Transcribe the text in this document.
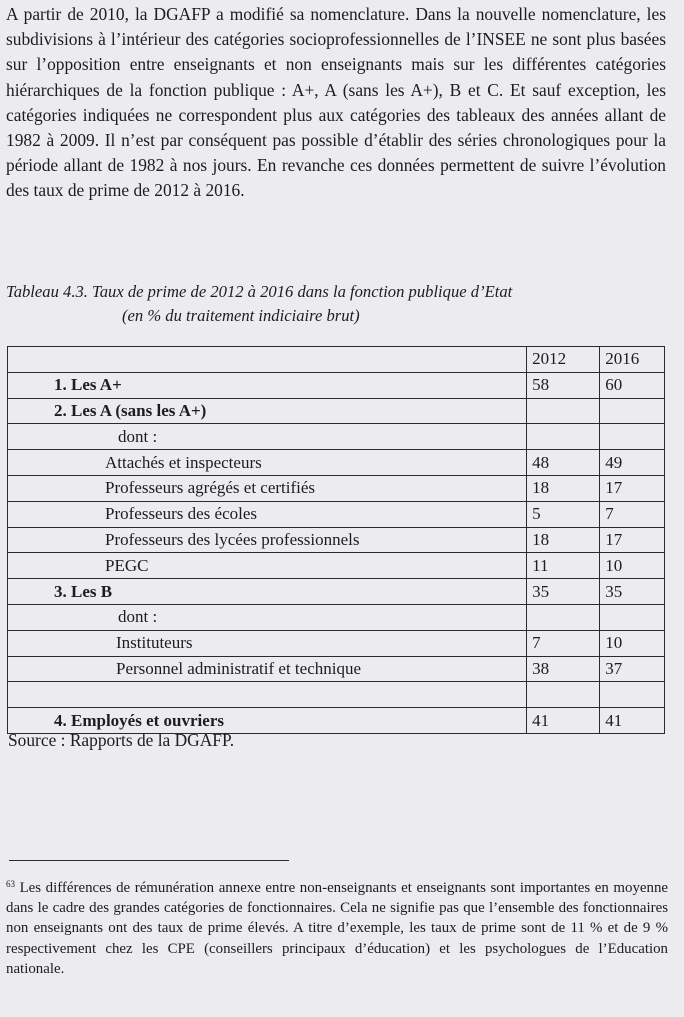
A partir de 2010, la DGAFP a modifié sa nomenclature. Dans la nouvelle nomenclature, les subdivisions à l’intérieur des catégories socioprofessionnelles de l’INSEE ne sont plus basées sur l’opposition entre enseignants et non enseignants mais sur les différentes catégories hiérarchiques de la fonction publique : A+, A (sans les A+), B et C. Et sauf exception, les catégories indiquées ne correspondent plus aux catégories des tableaux des années allant de 1982 à 2009. Il n’est par conséquent pas possible d’établir des séries chronologiques pour la période allant de 1982 à nos jours. En revanche ces données permettent de suivre l’évolution des taux de prime de 2012 à 2016.

Tableau 4.3. Taux de prime de 2012 à 2016 dans la fonction publique d’Etat
(en % du traitement indiciaire brut)

	2012	2016
1. Les A+	58	60
2. Les A (sans les A+)		
dont :		
Attachés et inspecteurs	48	49
Professeurs agrégés et certifiés	18	17
Professeurs des écoles	5	7
Professeurs des lycées professionnels	18	17
PEGC	11	10
3. Les B	35	35
dont :		
Instituteurs	7	10
Personnel administratif et technique	38	37

4. Employés et ouvriers	41	41

Source : Rapports de la DGAFP.

$^{63}$ Les différences de rémunération annexe entre non-enseignants et enseignants sont importantes en moyenne dans le cadre des grandes catégories de fonctionnaires. Cela ne signifie pas que l’ensemble des fonctionnaires non enseignants ont des taux de prime élevés. A titre d’exemple, les taux de prime sont de 11 % et de 9 % respectivement chez les CPE (conseillers principaux d’éducation) et les psychologues de l’Education nationale.
